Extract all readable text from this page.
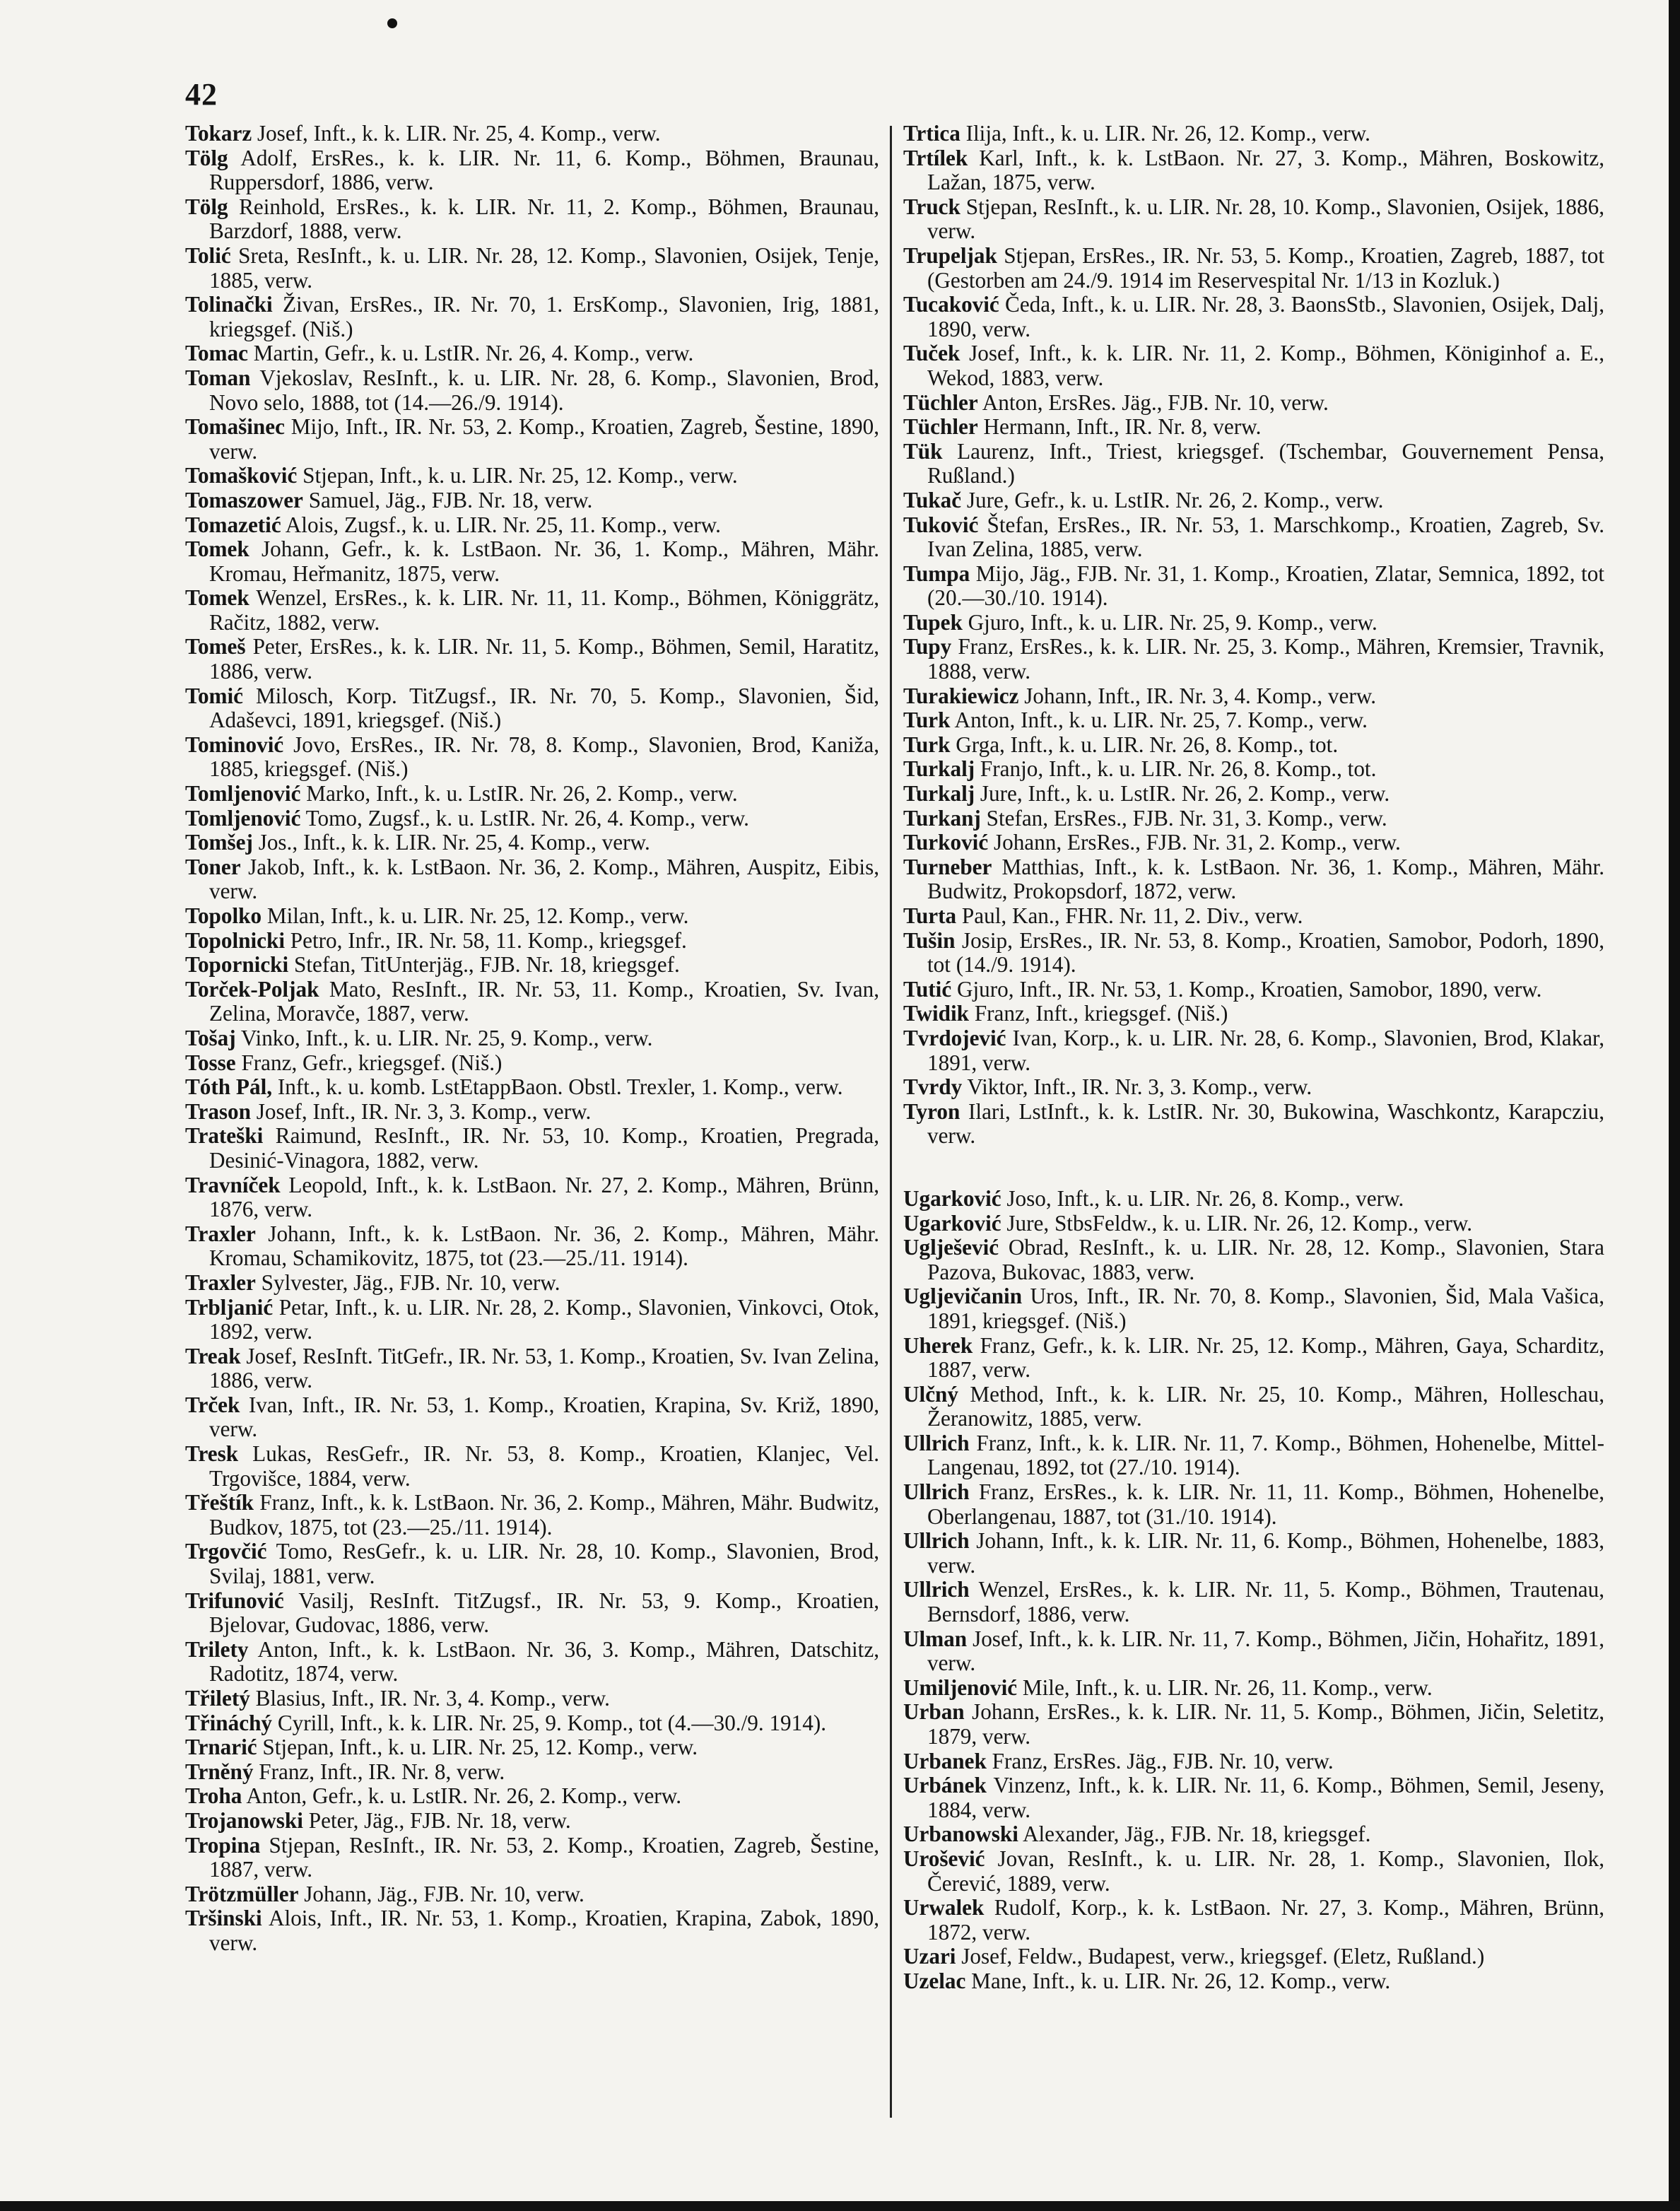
42

Tokarz Josef, Inft., k. k. LIR. Nr. 25, 4. Komp., verw.

Tölg Adolf, ErsRes., k. k. LIR. Nr. 11, 6. Komp., Böhmen, Braunau, Ruppersdorf, 1886, verw.

Tölg Reinhold, ErsRes., k. k. LIR. Nr. 11, 2. Komp., Böhmen, Braunau, Barzdorf, 1888, verw.

Tolić Sreta, ResInft., k. u. LIR. Nr. 28, 12. Komp., Slavonien, Osijek, Tenje, 1885, verw.

Tolinački Živan, ErsRes., IR. Nr. 70, 1. ErsKomp., Slavonien, Irig, 1881, kriegsgef. (Niš.)

Tomac Martin, Gefr., k. u. LstIR. Nr. 26, 4. Komp., verw.

Toman Vjekoslav, ResInft., k. u. LIR. Nr. 28, 6. Komp., Slavonien, Brod, Novo selo, 1888, tot (14.—26./9. 1914).

Tomašinec Mijo, Inft., IR. Nr. 53, 2. Komp., Kroatien, Zagreb, Šestine, 1890, verw.

Tomašković Stjepan, Inft., k. u. LIR. Nr. 25, 12. Komp., verw.

Tomaszower Samuel, Jäg., FJB. Nr. 18, verw.

Tomazetić Alois, Zugsf., k. u. LIR. Nr. 25, 11. Komp., verw.

Tomek Johann, Gefr., k. k. LstBaon. Nr. 36, 1. Komp., Mähren, Mähr. Kromau, Heřmanitz, 1875, verw.

Tomek Wenzel, ErsRes., k. k. LIR. Nr. 11, 11. Komp., Böhmen, Königgrätz, Račitz, 1882, verw.

Tomeš Peter, ErsRes., k. k. LIR. Nr. 11, 5. Komp., Böhmen, Semil, Haratitz, 1886, verw.

Tomić Milosch, Korp. TitZugsf., IR. Nr. 70, 5. Komp., Slavonien, Šid, Adaševci, 1891, kriegsgef. (Niš.)

Tominović Jovo, ErsRes., IR. Nr. 78, 8. Komp., Slavonien, Brod, Kaniža, 1885, kriegsgef. (Niš.)

Tomljenović Marko, Inft., k. u. LstIR. Nr. 26, 2. Komp., verw.

Tomljenović Tomo, Zugsf., k. u. LstIR. Nr. 26, 4. Komp., verw.

Tomšej Jos., Inft., k. k. LIR. Nr. 25, 4. Komp., verw.

Toner Jakob, Inft., k. k. LstBaon. Nr. 36, 2. Komp., Mähren, Auspitz, Eibis, verw.

Topolko Milan, Inft., k. u. LIR. Nr. 25, 12. Komp., verw.

Topolnicki Petro, Infr., IR. Nr. 58, 11. Komp., kriegsgef.

Topornicki Stefan, TitUnterjäg., FJB. Nr. 18, kriegsgef.

Torček-Poljak Mato, ResInft., IR. Nr. 53, 11. Komp., Kroatien, Sv. Ivan, Zelina, Moravče, 1887, verw.

Tošaj Vinko, Inft., k. u. LIR. Nr. 25, 9. Komp., verw.

Tosse Franz, Gefr., kriegsgef. (Niš.)

Tóth Pál, Inft., k. u. komb. LstEtappBaon. Obstl. Trexler, 1. Komp., verw.

Trason Josef, Inft., IR. Nr. 3, 3. Komp., verw.

Trateški Raimund, ResInft., IR. Nr. 53, 10. Komp., Kroatien, Pregrada, Desinić-Vinagora, 1882, verw.

Travníček Leopold, Inft., k. k. LstBaon. Nr. 27, 2. Komp., Mähren, Brünn, 1876, verw.

Traxler Johann, Inft., k. k. LstBaon. Nr. 36, 2. Komp., Mähren, Mähr. Kromau, Schamikovitz, 1875, tot (23.—25./11. 1914).

Traxler Sylvester, Jäg., FJB. Nr. 10, verw.

Trbljanić Petar, Inft., k. u. LIR. Nr. 28, 2. Komp., Slavonien, Vinkovci, Otok, 1892, verw.

Treak Josef, ResInft. TitGefr., IR. Nr. 53, 1. Komp., Kroatien, Sv. Ivan Zelina, 1886, verw.

Trček Ivan, Inft., IR. Nr. 53, 1. Komp., Kroatien, Krapina, Sv. Križ, 1890, verw.

Tresk Lukas, ResGefr., IR. Nr. 53, 8. Komp., Kroatien, Klanjec, Vel. Trgovišce, 1884, verw.

Třeštík Franz, Inft., k. k. LstBaon. Nr. 36, 2. Komp., Mähren, Mähr. Budwitz, Budkov, 1875, tot (23.—25./11. 1914).

Trgovčić Tomo, ResGefr., k. u. LIR. Nr. 28, 10. Komp., Slavonien, Brod, Svilaj, 1881, verw.

Trifunović Vasilj, ResInft. TitZugsf., IR. Nr. 53, 9. Komp., Kroatien, Bjelovar, Gudovac, 1886, verw.

Trilety Anton, Inft., k. k. LstBaon. Nr. 36, 3. Komp., Mähren, Datschitz, Radotitz, 1874, verw.

Třiletý Blasius, Inft., IR. Nr. 3, 4. Komp., verw.

Třináchý Cyrill, Inft., k. k. LIR. Nr. 25, 9. Komp., tot (4.—30./9. 1914).

Trnarić Stjepan, Inft., k. u. LIR. Nr. 25, 12. Komp., verw.

Trněný Franz, Inft., IR. Nr. 8, verw.

Troha Anton, Gefr., k. u. LstIR. Nr. 26, 2. Komp., verw.

Trojanowski Peter, Jäg., FJB. Nr. 18, verw.

Tropina Stjepan, ResInft., IR. Nr. 53, 2. Komp., Kroatien, Zagreb, Šestine, 1887, verw.

Trötzmüller Johann, Jäg., FJB. Nr. 10, verw.

Tršinski Alois, Inft., IR. Nr. 53, 1. Komp., Kroatien, Krapina, Zabok, 1890, verw.

Trtica Ilija, Inft., k. u. LIR. Nr. 26, 12. Komp., verw.

Trtílek Karl, Inft., k. k. LstBaon. Nr. 27, 3. Komp., Mähren, Boskowitz, Lažan, 1875, verw.

Truck Stjepan, ResInft., k. u. LIR. Nr. 28, 10. Komp., Slavonien, Osijek, 1886, verw.

Trupeljak Stjepan, ErsRes., IR. Nr. 53, 5. Komp., Kroatien, Zagreb, 1887, tot (Gestorben am 24./9. 1914 im Reservespital Nr. 1/13 in Kozluk.)

Tucaković Čeda, Inft., k. u. LIR. Nr. 28, 3. BaonsStb., Slavonien, Osijek, Dalj, 1890, verw.

Tuček Josef, Inft., k. k. LIR. Nr. 11, 2. Komp., Böhmen, Königinhof a. E., Wekod, 1883, verw.

Tüchler Anton, ErsRes. Jäg., FJB. Nr. 10, verw.

Tüchler Hermann, Inft., IR. Nr. 8, verw.

Tük Laurenz, Inft., Triest, kriegsgef. (Tschembar, Gouvernement Pensa, Rußland.)

Tukač Jure, Gefr., k. u. LstIR. Nr. 26, 2. Komp., verw.

Tuković Štefan, ErsRes., IR. Nr. 53, 1. Marschkomp., Kroatien, Zagreb, Sv. Ivan Zelina, 1885, verw.

Tumpa Mijo, Jäg., FJB. Nr. 31, 1. Komp., Kroatien, Zlatar, Semnica, 1892, tot (20.—30./10. 1914).

Tupek Gjuro, Inft., k. u. LIR. Nr. 25, 9. Komp., verw.

Tupy Franz, ErsRes., k. k. LIR. Nr. 25, 3. Komp., Mähren, Kremsier, Travnik, 1888, verw.

Turakiewicz Johann, Inft., IR. Nr. 3, 4. Komp., verw.

Turk Anton, Inft., k. u. LIR. Nr. 25, 7. Komp., verw.

Turk Grga, Inft., k. u. LIR. Nr. 26, 8. Komp., tot.

Turkalj Franjo, Inft., k. u. LIR. Nr. 26, 8. Komp., tot.

Turkalj Jure, Inft., k. u. LstIR. Nr. 26, 2. Komp., verw.

Turkanj Stefan, ErsRes., FJB. Nr. 31, 3. Komp., verw.

Turković Johann, ErsRes., FJB. Nr. 31, 2. Komp., verw.

Turneber Matthias, Inft., k. k. LstBaon. Nr. 36, 1. Komp., Mähren, Mähr. Budwitz, Prokopsdorf, 1872, verw.

Turta Paul, Kan., FHR. Nr. 11, 2. Div., verw.

Tušin Josip, ErsRes., IR. Nr. 53, 8. Komp., Kroatien, Samobor, Podorh, 1890, tot (14./9. 1914).

Tutić Gjuro, Inft., IR. Nr. 53, 1. Komp., Kroatien, Samobor, 1890, verw.

Twidik Franz, Inft., kriegsgef. (Niš.)

Tvrdojević Ivan, Korp., k. u. LIR. Nr. 28, 6. Komp., Slavonien, Brod, Klakar, 1891, verw.

Tvrdy Viktor, Inft., IR. Nr. 3, 3. Komp., verw.

Tyron Ilari, LstInft., k. k. LstIR. Nr. 30, Bukowina, Waschkontz, Karapcziu, verw.

Ugarković Joso, Inft., k. u. LIR. Nr. 26, 8. Komp., verw.

Ugarković Jure, StbsFeldw., k. u. LIR. Nr. 26, 12. Komp., verw.

Uglješević Obrad, ResInft., k. u. LIR. Nr. 28, 12. Komp., Slavonien, Stara Pazova, Bukovac, 1883, verw.

Ugljevičanin Uros, Inft., IR. Nr. 70, 8. Komp., Slavonien, Šid, Mala Vašica, 1891, kriegsgef. (Niš.)

Uherek Franz, Gefr., k. k. LIR. Nr. 25, 12. Komp., Mähren, Gaya, Scharditz, 1887, verw.

Ulčný Method, Inft., k. k. LIR. Nr. 25, 10. Komp., Mähren, Holleschau, Žeranowitz, 1885, verw.

Ullrich Franz, Inft., k. k. LIR. Nr. 11, 7. Komp., Böhmen, Hohenelbe, Mittel-Langenau, 1892, tot (27./10. 1914).

Ullrich Franz, ErsRes., k. k. LIR. Nr. 11, 11. Komp., Böhmen, Hohenelbe, Oberlangenau, 1887, tot (31./10. 1914).

Ullrich Johann, Inft., k. k. LIR. Nr. 11, 6. Komp., Böhmen, Hohenelbe, 1883, verw.

Ullrich Wenzel, ErsRes., k. k. LIR. Nr. 11, 5. Komp., Böhmen, Trautenau, Bernsdorf, 1886, verw.

Ulman Josef, Inft., k. k. LIR. Nr. 11, 7. Komp., Böhmen, Jičin, Hohařitz, 1891, verw.

Umiljenović Mile, Inft., k. u. LIR. Nr. 26, 11. Komp., verw.

Urban Johann, ErsRes., k. k. LIR. Nr. 11, 5. Komp., Böhmen, Jičin, Seletitz, 1879, verw.

Urbanek Franz, ErsRes. Jäg., FJB. Nr. 10, verw.

Urbánek Vinzenz, Inft., k. k. LIR. Nr. 11, 6. Komp., Böhmen, Semil, Jeseny, 1884, verw.

Urbanowski Alexander, Jäg., FJB. Nr. 18, kriegsgef.

Urošević Jovan, ResInft., k. u. LIR. Nr. 28, 1. Komp., Slavonien, Ilok, Čerević, 1889, verw.

Urwalek Rudolf, Korp., k. k. LstBaon. Nr. 27, 3. Komp., Mähren, Brünn, 1872, verw.

Uzari Josef, Feldw., Budapest, verw., kriegsgef. (Eletz, Rußland.)

Uzelac Mane, Inft., k. u. LIR. Nr. 26, 12. Komp., verw.
